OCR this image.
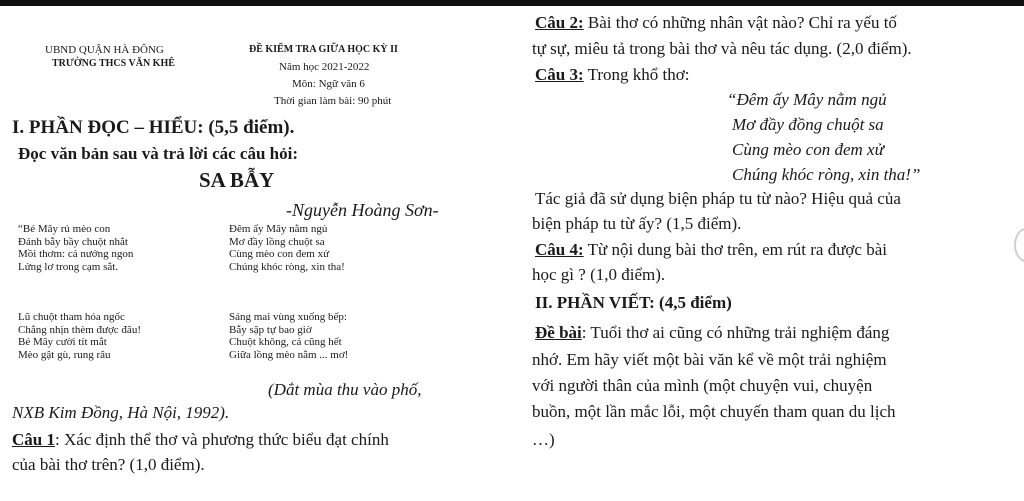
UBND QUẬN HÀ ĐÔNG
TRƯỜNG THCS VĂN KHÊ
ĐỀ KIỂM TRA GIỮA HỌC KỲ II
Năm học 2021-2022
Môn: Ngữ văn 6
Thời gian làm bài: 90 phút
I. PHẦN ĐỌC – HIỂU: (5,5 điểm).
Đọc văn bản sau và trả lời các câu hỏi:
SA BẪY
-Nguyễn Hoàng Sơn-

“Bé Mây rủ mèo con

Đánh bẫy bầy chuột nhắt

Mồi thơm: cá nướng ngon

Lửng lơ trong cạm sắt.

Đêm ấy Mây nằm ngủ

Mơ đầy lồng chuột sa

Cùng mèo con đem xử

Chúng khóc ròng, xin tha!

Lũ chuột tham hóa ngốc

Chẳng nhịn thèm được đâu!

Bé Mây cười tít mắt

Mèo gật gù, rung râu

Sáng mai vùng xuống bếp:

Bẫy sập tự bao giờ

Chuột không, cá cũng hết

Giữa lồng mèo nằm ... mơ!

(Dắt mùa thu vào phố,
NXB Kim Đồng, Hà Nội, 1992).
Câu 1: Xác định thể thơ và phương thức biểu đạt chính
của bài thơ trên? (1,0 điểm).
Câu 2: Bài thơ có những nhân vật nào? Chỉ ra yếu tố
tự sự, miêu tả trong bài thơ và nêu tác dụng. (2,0 điểm).
Câu 3: Trong khổ thơ:
“Đêm ấy Mây nằm ngủ
Mơ đầy đồng chuột sa
Cùng mèo con đem xử
Chúng khóc ròng, xin tha!”
Tác giả đã sử dụng biện pháp tu từ nào? Hiệu quả của
biện pháp tu từ ấy? (1,5 điểm).
Câu 4: Từ nội dung bài thơ trên, em rút ra được bài
học gì ? (1,0 điểm).
II. PHẦN VIẾT: (4,5 điểm)
Đề bài: Tuổi thơ ai cũng có những trải nghiệm đáng
nhớ. Em hãy viết một bài văn kể về một trải nghiệm
với người thân của mình (một chuyện vui, chuyện
buồn, một lần mắc lỗi, một chuyến tham quan du lịch
…)
